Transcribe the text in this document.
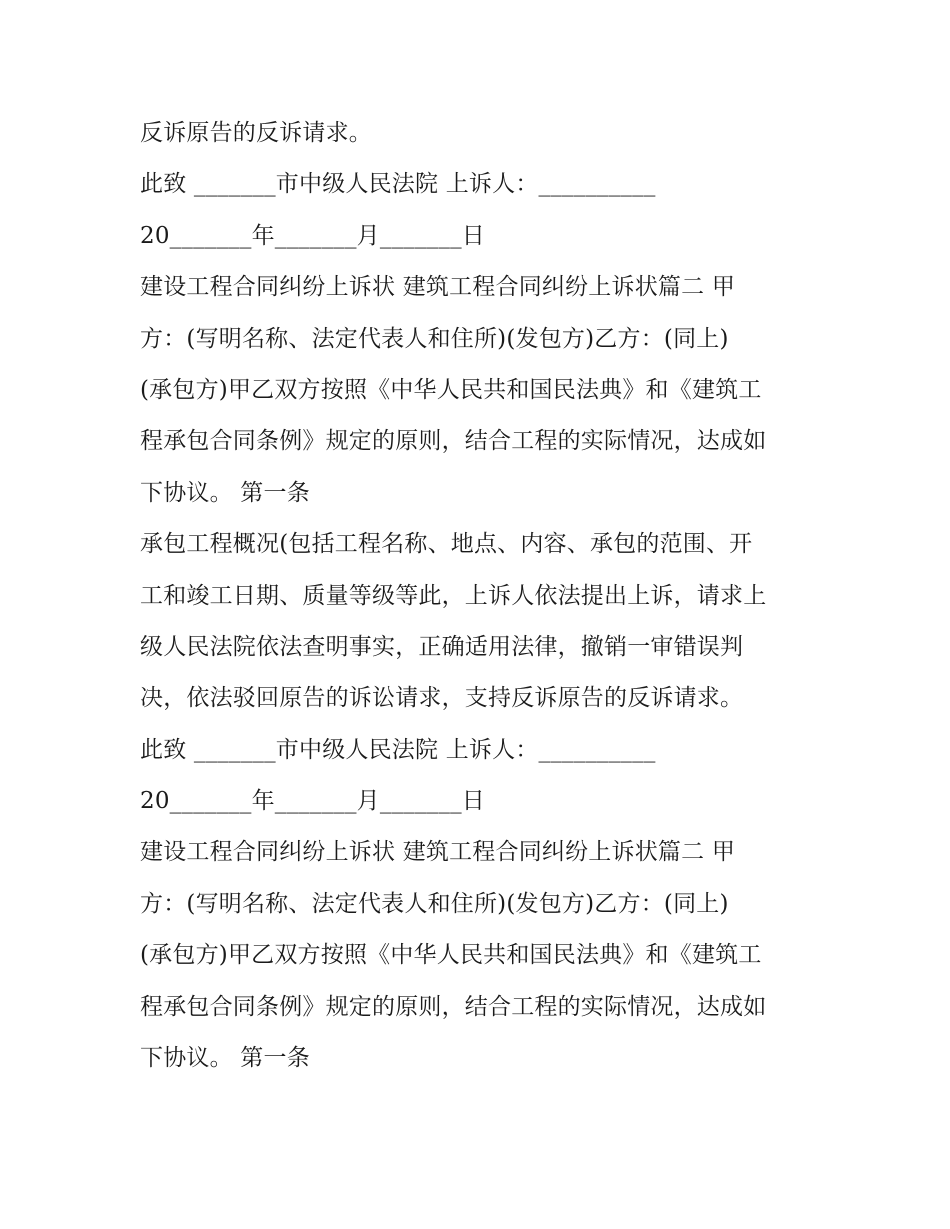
反诉原告的反诉请求。
此致 _______市中级人民法院 上诉人：__________
20_______年_______月_______日
建设工程合同纠纷上诉状 建筑工程合同纠纷上诉状篇二 甲
方：(写明名称、法定代表人和住所)(发包方)乙方：(同上)
(承包方)甲乙双方按照《中华人民共和国民法典》和《建筑工
程承包合同条例》规定的原则，结合工程的实际情况，达成如
下协议。 第一条
承包工程概况(包括工程名称、地点、内容、承包的范围、开
工和竣工日期、质量等级等此，上诉人依法提出上诉，请求上
级人民法院依法查明事实，正确适用法律，撤销一审错误判
决，依法驳回原告的诉讼请求，支持反诉原告的反诉请求。
此致 _______市中级人民法院 上诉人：__________
20_______年_______月_______日
建设工程合同纠纷上诉状 建筑工程合同纠纷上诉状篇二 甲
方：(写明名称、法定代表人和住所)(发包方)乙方：(同上)
(承包方)甲乙双方按照《中华人民共和国民法典》和《建筑工
程承包合同条例》规定的原则，结合工程的实际情况，达成如
下协议。 第一条
